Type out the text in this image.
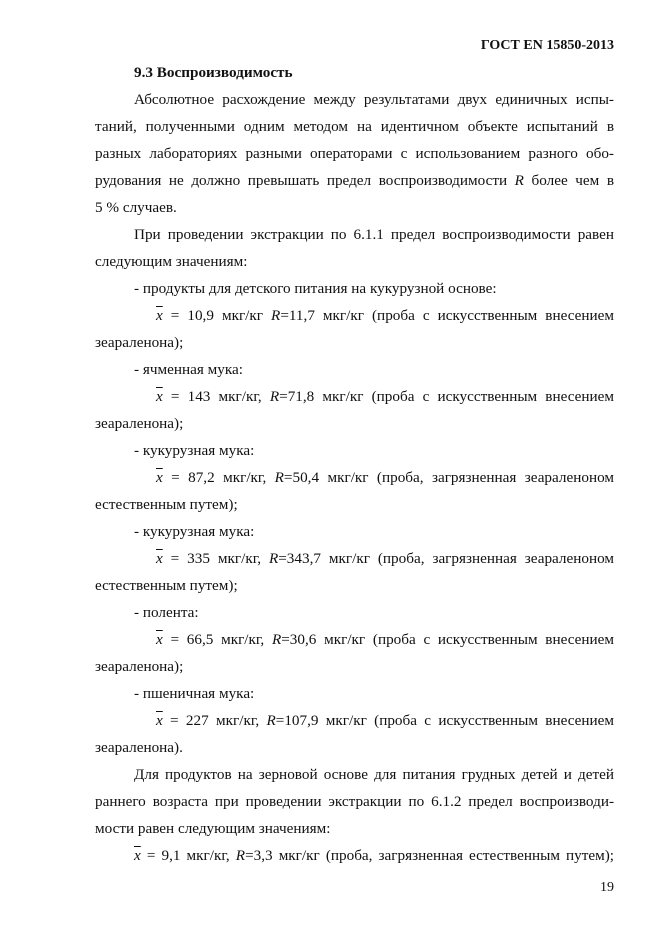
ГОСТ EN 15850-2013
9.3 Воспроизводимость
Абсолютное расхождение между результатами двух единичных испы-
таний, полученными одним методом на идентичном объекте испытаний в
разных лабораториях разными операторами с использованием разного обо-
рудования не должно превышать предел воспроизводимости R более чем в
5 % случаев.
При проведении экстракции по 6.1.1 предел воспроизводимости равен
следующим значениям:
- продукты для детского питания на кукурузной основе:
$\overline{x} = 10,9$ мкг/кг R=11,7 мкг/кг (проба с искусственным внесением
зеараленона);
- ячменная мука:
$\overline{x} = 143$ мкг/кг, R=71,8 мкг/кг (проба с искусственным внесением
зеараленона);
- кукурузная мука:
$\overline{x} = 87,2$ мкг/кг, R=50,4 мкг/кг (проба, загрязненная зеараленоном
естественным путем);
- кукурузная мука:
$\overline{x} = 335$ мкг/кг, R=343,7 мкг/кг (проба, загрязненная зеараленоном
естественным путем);
- полента:
$\overline{x} = 66,5$ мкг/кг, R=30,6 мкг/кг (проба с искусственным внесением
зеараленона);
- пшеничная мука:
$\overline{x} = 227$ мкг/кг, R=107,9 мкг/кг (проба с искусственным внесением
зеараленона).
Для продуктов на зерновой основе для питания грудных детей и детей
раннего возраста при проведении экстракции по 6.1.2 предел воспроизводи-
мости равен следующим значениям:
$\overline{x} = 9,1$ мкг/кг, R=3,3 мкг/кг (проба, загрязненная естественным путем);
19
